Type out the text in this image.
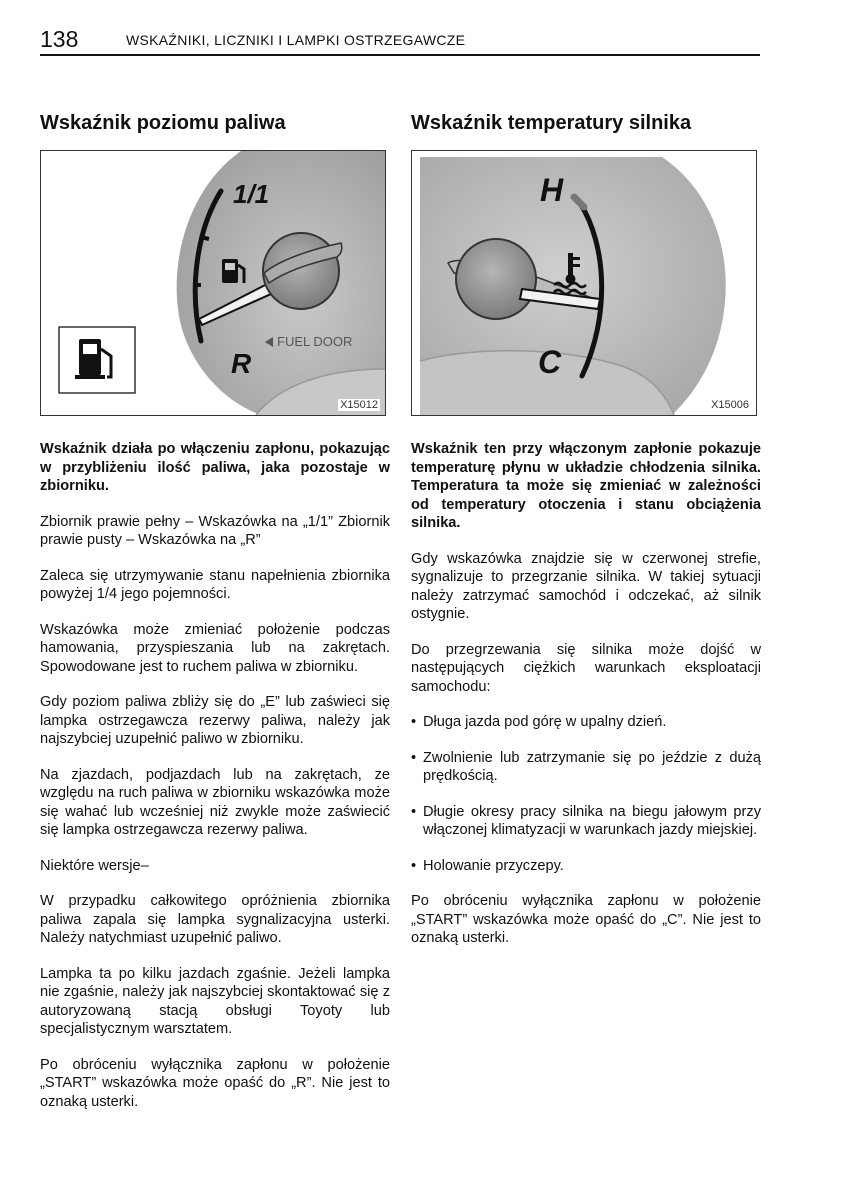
138	WSKAŹNIKI, LICZNIKI I LAMPKI OSTRZEGAWCZE
Wskaźnik poziomu paliwa
1/1
R
FUEL DOOR
X15012

Wskaźnik działa po włączeniu zapłonu, pokazując w przybliżeniu ilość paliwa, jaka pozostaje w zbiorniku.

Zbiornik prawie pełny – Wskazówka na „1/1” Zbiornik prawie pusty – Wskazówka na „R”

Zaleca się utrzymywanie stanu napełnienia zbiornika powyżej 1/4 jego pojemności.

Wskazówka może zmieniać położenie podczas hamowania, przyspieszania lub na zakrętach. Spowodowane jest to ruchem paliwa w zbiorniku.

Gdy poziom paliwa zbliży się do „E” lub zaświeci się lampka ostrzegawcza rezerwy paliwa, należy jak najszybciej uzupełnić paliwo w zbiorniku.

Na zjazdach, podjazdach lub na zakrętach, ze względu na ruch paliwa w zbiorniku wskazówka może się wahać lub wcześniej niż zwykle może zaświecić się lampka ostrzegawcza rezerwy paliwa.

Niektóre wersje–

W przypadku całkowitego opróżnienia zbiornika paliwa zapala się lampka sygnalizacyjna usterki. Należy natychmiast uzupełnić paliwo.

Lampka ta po kilku jazdach zgaśnie. Jeżeli lampka nie zgaśnie, należy jak najszybciej skontaktować się z autoryzowaną stacją obsługi Toyoty lub specjalistycznym warsztatem.

Po obróceniu wyłącznika zapłonu w położenie „START” wskazówka może opaść do „R”. Nie jest to oznaką usterki.

Wskaźnik temperatury silnika
H
C
X15006

Wskaźnik ten przy włączonym zapłonie pokazuje temperaturę płynu w układzie chłodzenia silnika. Temperatura ta może się zmieniać w zależności od temperatury otoczenia i stanu obciążenia silnika.

Gdy wskazówka znajdzie się w czerwonej strefie, sygnalizuje to przegrzanie silnika. W takiej sytuacji należy zatrzymać samochód i odczekać, aż silnik ostygnie.

Do przegrzewania się silnika może dojść w następujących ciężkich warunkach eksploatacji samochodu:

• Długa jazda pod górę w upalny dzień.
• Zwolnienie lub zatrzymanie się po jeździe z dużą prędkością.
• Długie okresy pracy silnika na biegu jałowym przy włączonej klimatyzacji w warunkach jazdy miejskiej.
• Holowanie przyczepy.

Po obróceniu wyłącznika zapłonu w położenie „START” wskazówka może opaść do „C”. Nie jest to oznaką usterki.
